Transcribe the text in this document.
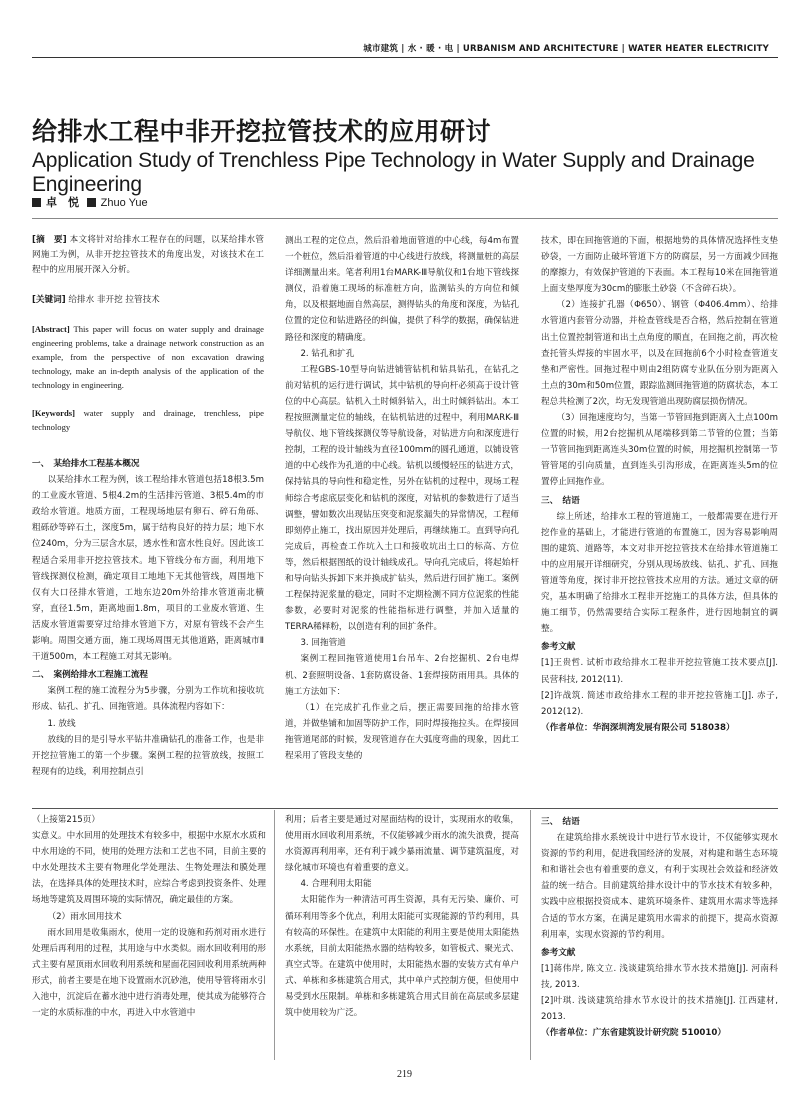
城市建筑 | 水 · 暖 · 电 | URBANISM AND ARCHITECTURE | WATER HEATER ELECTRICITY
给排水工程中非开挖拉管技术的应用研讨
Application Study of Trenchless Pipe Technology in Water Supply and Drainage Engineering
卓　悦 Zhuo Yue

[摘　要] 本文将针对给排水工程存在的问题，以某给排水管网施工为例，从非开挖拉管技术的角度出发，对该技术在工程中的应用展开深入分析。

[关键词] 给排水 非开挖 拉管技术

[Abstract] This paper will focus on water supply and drainage engineering problems, take a drainage network construction as an example, from the perspective of non excavation drawing technology, make an in-depth analysis of the application of the technology in engineering.

[Keywords] water supply and drainage, trenchless, pipe technology

一、　某给排水工程基本概况

以某给排水工程为例，该工程给排水管道包括18根3.5m的工业废水管道、5根4.2m的生活排污管道、3根5.4m的市政给水管道。地质方面，工程现场地层有卵石、碎石角砾、粗砾砂等碎石土，深度5m，属于结构良好的持力层；地下水位240m，分为三层含水层，透水性和富水性良好。因此该工程适合采用非开挖拉管技术。地下管线分布方面，利用地下管线探测仪检测，确定项目工地地下无其他管线，周围地下仅有大口径排水管道，工地东边20m外给排水管道南北横穿，直径1.5m，距离地面1.8m，项目的工业废水管道、生活废水管道需要穿过给排水管道下方，对原有管线不会产生影响。周围交通方面，施工现场周围无其他道路，距离城市Ⅱ干道500m，本工程施工对其无影响。

二、　案例给排水工程施工流程

案例工程的施工流程分为5步骤，分别为工作坑和接收坑形成、钻孔、扩孔、回拖管道。具体流程内容如下：

1. 放线

放线的目的是引导水平钻井准确钻孔的准备工作，也是非开挖拉管施工的第一个步骤。案例工程的拉管放线，按照工程现有的边线，利用控制点引

测出工程的定位点，然后沿着地面管道的中心线，每4m布置一个桩位，然后沿着管道的中心线进行放线，将测量桩的高层详细测量出来。笔者利用1台MARK-Ⅲ导航仪和1台地下管线探测仪，沿着施工现场的标准桩方向，监测钻头的方向位和倾角，以及根据地面自然高层，测得钻头的角度和深度，为钻孔位置的定位和钻进路径的纠偏，提供了科学的数据，确保钻进路径和深度的精确度。

2. 钻孔和扩孔

工程GBS-10型导向钻进铺管钻机和钻具钻孔，在钻孔之前对钻机的运行进行调试，其中钻机的导向杆必须高于设计管位的中心高层。钻机入土时倾斜钻入，出土时倾斜钻出。本工程按照测量定位的轴线，在钻机钻进的过程中，利用MARK-Ⅲ导航仪、地下管线探测仪等导航设备，对钻进方向和深度进行控制，工程的设计轴线为直径100mm的圆孔通道，以铺设管道的中心线作为孔道的中心线。钻机以缓慢轻压的钻进方式，保持钻具的导向性和稳定性，另外在钻机的过程中，现场工程师综合考虑底层变化和钻机的深度，对钻机的参数进行了适当调整，譬如数次出现钻压突变和泥浆漏失的异常情况，工程师即刻停止施工，找出原因并处理后，再继续施工。直到导向孔完成后，再检查工作坑入土口和接收坑出土口的标高、方位等，然后根据图纸的设计轴线成孔。导向孔完成后，将起始杆和导向钻头拆卸下来并换成扩钻头，然后进行回扩施工。案例工程保持泥浆量的稳定，同时不定期检测不同方位泥浆的性能参数，必要时对泥浆的性能指标进行调整，并加入适量的TERRA稀释粉，以创造有利的回扩条件。

3. 回拖管道

案例工程回拖管道使用1台吊车、2台挖掘机、2台电焊机、2套照明设备、1套防腐设备、1套焊接防雨用具。具体的施工方法如下：

（1）在完成扩孔作业之后，摆正需要回拖的给排水管道，并做垫铺和加固等防护工作，同时焊接拖拉头。在焊接回拖管道尾部的时候，发现管道存在大弧度弯曲的现象，因此工程采用了管段支垫的

技术，即在回拖管道的下面，根据地势的具体情况选择性支垫砂袋，一方面防止破坏管道下方的防腐层，另一方面减少回拖的摩擦力，有效保护管道的下表面。本工程每10米在回拖管道上面支垫厚度为30cm的膨胀土砂袋（不含碎石块）。

（2）连接扩孔器（Φ650）、钢管（Φ406.4mm）、给排水管道内套管分动器，并检查管线是否合格，然后控制在管道出土位置控制管道和出土点角度的顺直，在回拖之前，再次检查托管头焊接的牢固水平，以及在回拖前6个小时检查管道支垫和严密性。回拖过程中则由2组防腐专业队伍分别为距离入土点的30m和50m位置，跟踪监测回拖管道的防腐状态，本工程总共检测了2次，均无发现管道出现防腐层损伤情况。

（3）回拖速度均匀，当第一节管回拖到距离入土点100m位置的时候，用2台挖掘机从尾端移到第二节管的位置；当第一节管回拖到距离连头30m位置的时候，用挖掘机控制第一节管管尾的引向质量，直到连头引沟形成，在距离连头5m的位置停止回拖作业。

三、　结语

综上所述，给排水工程的管道施工，一般都需要在进行开挖作业的基础上，才能进行管道的布置施工，因为容易影响周围的建筑、道路等，本文对非开挖拉管技术在给排水管道施工中的应用展开详细研究，分别从现场放线、钻孔、扩孔、回拖管道等角度，探讨非开挖拉管技术应用的方法。通过文章的研究，基本明确了给排水工程非开挖施工的具体方法，但具体的施工细节，仍然需要结合实际工程条件，进行因地制宜的调整。

参考文献

[1]王贵哲. 试析市政给排水工程非开挖拉管施工技术要点[J]. 民营科技, 2012(11).

[2]许战筑. 简述市政给排水工程的非开挖拉管施工[J]. 赤子, 2012(12).

（作者单位：华润深圳湾发展有限公司 518038）

（上接第215页）

实意义。中水回用的处理技术有较多中，根据中水原水水质和中水用途的不同，使用的处理方法和工艺也不同，目前主要的中水处理技术主要有物理化学处理法、生物处理法和膜处理法，在选择具体的处理技术时，应综合考虑到投资条件、处理场地等建筑及周围环境的实际情况，确定最佳的方案。

（2）雨水回用技术

雨水回用是收集雨水，使用一定的设施和药剂对雨水进行处理后再利用的过程，其用途与中水类似。雨水回收利用的形式主要有屋顶雨水回收利用系统和屋面花园回收利用系统两种形式，前者主要是在地下设置雨水沉砂池，使用导管将雨水引入池中，沉淀后在蓄水池中进行消毒处理，使其成为能够符合一定的水质标准的中水，再进入中水管道中

利用；后者主要是通过对屋面结构的设计，实现雨水的收集，使用雨水回收利用系统，不仅能够减少雨水的流失浪费，提高水资源再利用率，还有利于减少暴雨流量、调节建筑温度，对绿化城市环境也有着重要的意义。

4. 合理利用太阳能

太阳能作为一种清洁可再生资源，具有无污染、廉价、可循环利用等多个优点，利用太阳能可实现能源的节约利用，具有较高的环保性。在建筑中太阳能的利用主要是使用太阳能热水系统，目前太阳能热水器的结构较多，如管板式、聚光式、真空式等。在建筑中使用时，太阳能热水器的安装方式有单户式、单栋和多栋建筑合用式，其中单户式控制方便，但使用中易受到水压限制。单栋和多栋建筑合用式目前在高层或多层建筑中使用较为广泛。

三、　结语

在建筑给排水系统设计中进行节水设计，不仅能够实现水资源的节约利用，促进我国经济的发展，对构建和谐生态环境和和谐社会也有着重要的意义，有利于实现社会效益和经济效益的统一结合。目前建筑给排水设计中的节水技术有较多种，实践中应根据投资成本、建筑环境条件、建筑用水需求等选择合适的节水方案，在满足建筑用水需求的前提下，提高水资源利用率，实现水资源的节约利用。

参考文献

[1]蒋伟岸, 陈文立. 浅谈建筑给排水节水技术措施[J]. 河南科技, 2013.

[2]叶琪. 浅谈建筑给排水节水设计的技术措施[J]. 江西建材, 2013.

（作者单位：广东省建筑设计研究院 510010）

219
